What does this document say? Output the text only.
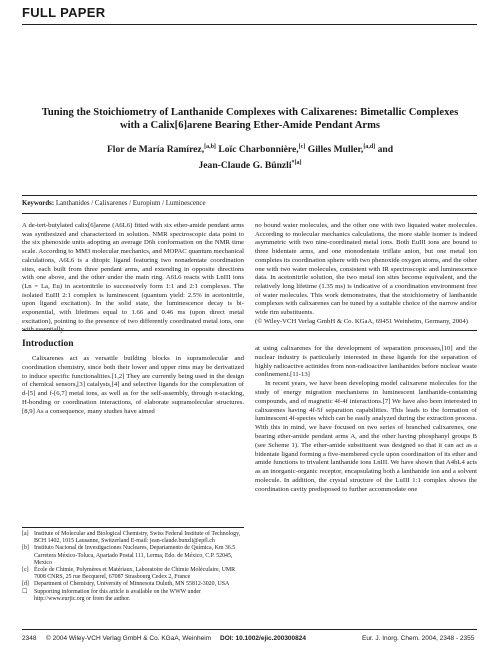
FULL PAPER
Tuning the Stoichiometry of Lanthanide Complexes with Calixarenes: Bimetallic Complexes with a Calix[6]arene Bearing Ether-Amide Pendant Arms
Flor de María Ramírez,[a,b] Loïc Charbonnière,[c] Gilles Muller,[a,d] and
Jean-Claude G. Bünzli$^{*[a]}$
Keywords: Lanthanides / Calixarenes / Europium / Luminescence

A de-tert-butylated calix[6]arene (A6L6) fitted with six ether-amide pendant arms was synthesized and characterized in solution. NMR spectroscopic data point to the six phenoxide units adopting an average D6h conformation on the NMR time scale. According to MM3 molecular mechanics, and MOPAC quantum mechanical calculations, A6L6 is a ditopic ligand featuring two nonadentate coordination sites, each built from three pendant arms, and extending in opposite directions with one above, and the other under the main ring. A6L6 reacts with LnIII ions (Ln = La, Eu) in acetonitrile to successively form 1:1 and 2:1 complexes. The isolated EuIII 2:1 complex is luminescent (quantum yield: 2.5% in acetonitrile, upon ligand excitation). In the solid state, the luminescence decay is bi-exponential, with lifetimes equal to 1.66 and 0.46 ms (upon direct metal excitation), pointing to the presence of two differently coordinated metal ions, one with essentially

no bound water molecules, and the other one with two liquated water molecules. According to molecular mechanics calculations, the more stable isomer is indeed asymmetric with two nine-coordinated metal ions. Both EuIII ions are bound to three bidentate arms, and one monodentate triflate anion, but one metal ion completes its coordination sphere with two phenoxide oxygen atoms, and the other one with two water molecules, consistent with IR spectroscopic and luminescence data. In acetonitrile solution, the two metal ion sites become equivalent, and the relatively long lifetime (1.35 ms) is indicative of a coordination environment free of water molecules. This work demonstrates, that the stoichiometry of lanthanide complexes with calixarenes can be tuned by a suitable choice of the narrow and/or wide rim substituents.

(© Wiley-VCH Verlag GmbH & Co. KGaA, 69451 Weinheim, Germany, 2004)

Introduction

Calixarenes act as versatile building blocks in supramolecular and coordination chemistry, since both their lower and upper rims may be derivatized to induce specific functionalities.[1,2] They are currently being used in the design of chemical sensors,[3] catalysts,[4] and selective ligands for the complexation of d-[5] and f-[6,7] metal ions, as well as for the self-assembly, through π-stacking, H-bonding or coordination interactions, of elaborate supramolecular structures.[8,9] As a consequence, many studies have aimed

[a] Institute of Molecular and Biological Chemistry, Swiss Federal Institute of Technology, BCH 1402, 1015 Lausanne, Switzerland E-mail: jean-claude.bunzli@epfl.ch
[b] Instituto Nacional de Investigaciones Nucleares, Departamento de Química, Km 36.5 Carretera México-Toluca, Apartado Postal 111, Lerma, Edo. de México, C.P. 52045, Mexico
[c] École de Chimie, Polymères et Matériaux, Laboratoire de Chimie Moléculaire, UMR 7008 CNRS, 25 rue Becquerel, 67087 Strasbourg Cedex 2, France
[d] Department of Chemistry, University of Minnesota Duluth, MN 55812-3020, USA
☐	Supporting information for this article is available on the WWW under http://www.eurjic.org or from the author.

at using calixarenes for the development of separation processes,[10] and the nuclear industry is particularly interested in these ligands for the separation of highly radioactive actinides from non-radioactive lanthanides before nuclear waste confinement.[11-13]

In recent years, we have been developing model calixarene molecules for the study of energy migration mechanisms in luminescent lanthanide-containing compounds, and of magnetic 4f-4f interactions.[7] We have also been interested in calixarenes having 4f-5f separation capabilities. This leads to the formation of luminescent 4f-species which can be easily analyzed during the extraction process. With this in mind, we have focused on two series of branched calixarenes, one bearing ether-amide pendant arms A, and the other having phosphanyl groups B (see Scheme 1). The ether-amide substituent was designed so that it can act as a bidentate ligand forming a five-membered cycle upon coordination of its ether and amide functions to trivalent lanthanide ions LnIII. We have shown that A4bL4 acts as an inorganic-organic receptor, encapsulating both a lanthanide ion and a solvent molecule. In addition, the crystal structure of the LuIII 1:1 complex shows the coordination cavity predisposed to further accommodate one

2348 © 2004 Wiley-VCH Verlag GmbH & Co. KGaA, Weinheim DOI: 10.1002/ejic.200300824	Eur. J. Inorg. Chem. 2004, 2348 - 2355
